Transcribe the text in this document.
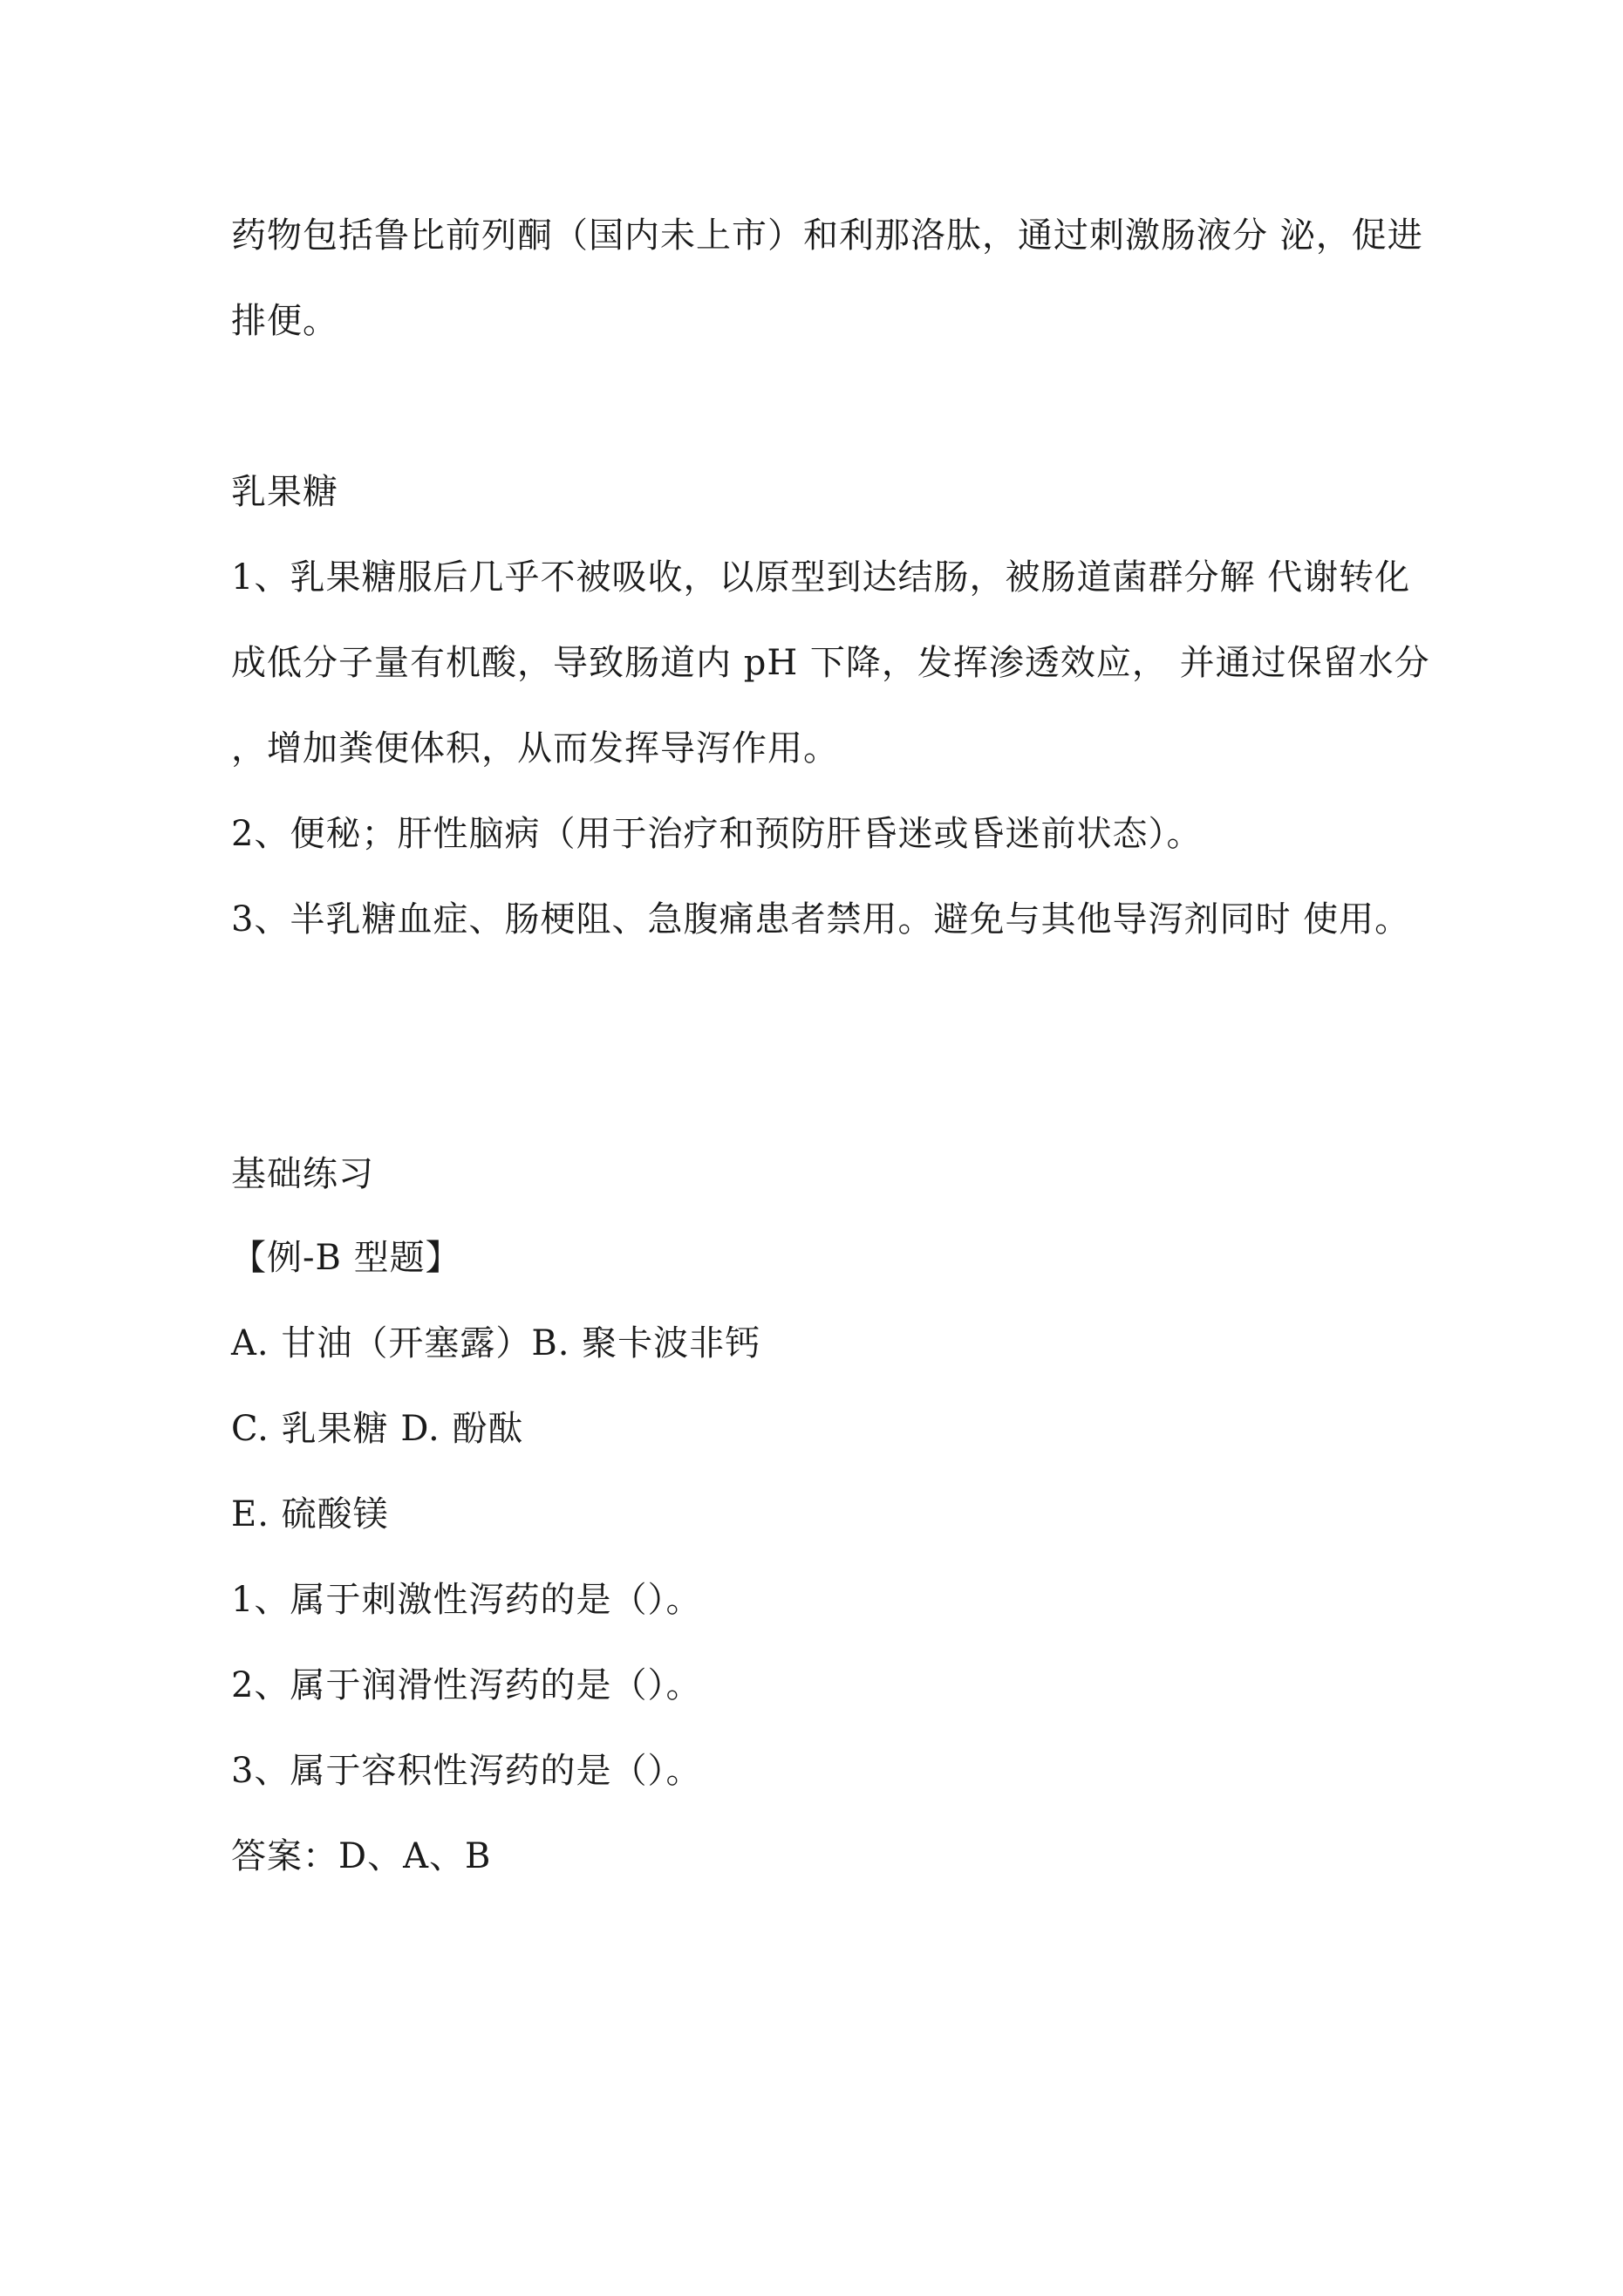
药物包括鲁比前列酮（国内未上市）和利那洛肽，通过刺激肠液分 泌，促进
排便。
乳果糖
1、乳果糖服后几乎不被吸收，以原型到达结肠，被肠道菌群分解 代谢转化
成低分子量有机酸，导致肠道内 pH 下降，发挥渗透效应， 并通过保留水分
，增加粪便体积，从而发挥导泻作用。
2、便秘；肝性脑病（用于治疗和预防肝昏迷或昏迷前状态）。
3、半乳糖血症、肠梗阻、急腹痛患者禁用。避免与其他导泻剂同时 使用。
基础练习
【例-B 型题】
A. 甘油（开塞露）B. 聚卡波非钙
C. 乳果糖 D. 酚酞
E. 硫酸镁
1、属于刺激性泻药的是（）。
2、属于润滑性泻药的是（）。
3、属于容积性泻药的是（）。
答案：D、A、B
